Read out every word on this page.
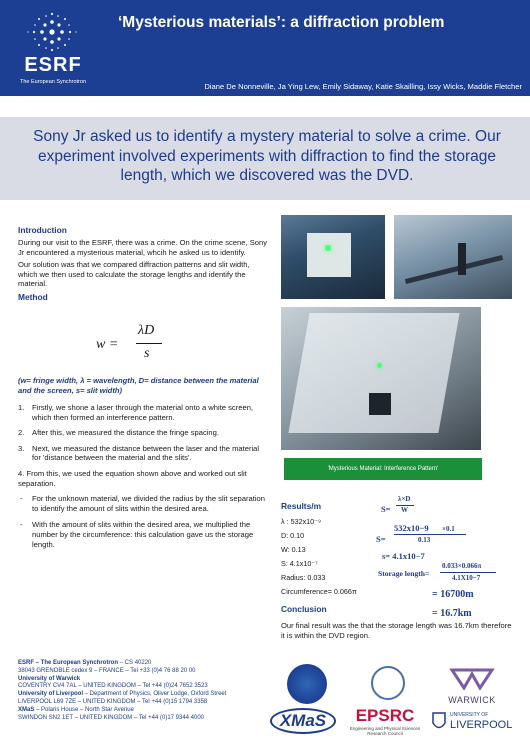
ESRF
The European Synchrotron
‘Mysterious materials’: a diffraction problem
Diane De Nonneville, Ja Ying Lew, Emily Sidaway, Katie Skailling, Issy Wicks, Maddie Fletcher
Sony Jr asked us to identify a mystery material to solve a crime. Our experiment involved experiments with diffraction to find the storage length, which we discovered was the DVD.
Introduction
During our visit to the ESRF, there was a crime. On the crime scene, Sony Jr encountered a mysterious material, whcih he asked us to identify.
Our solution was that we compared diffraction patterns and slit width, which we then used to calculate the storage lengths and identify the material.
Method
w =
λD
s
(w= fringe width, λ = wavelength, D= distance between the material and the screen, s= slit width)
1. Firstly, we shone a laser through the material onto a white screen, which then formed an interference pattern.
2. After this, we measured the distance the fringe spacing.
3. Next, we measured the distance between the laser and the material for 'distance between the material and the slits'.
4. From this, we used the equation shown above and worked out slit separation.
- For the unknown material, we divided the radius by the slit separation to identify the amount of slits within the desired area.
- With the amount of slits within the desired area, we multiplied the number by the circumference: this calculation gave us the storage length.
'Mysterious Material: Interference Pattern'
Results/m
λ : 532x10⁻⁹
D: 0.10
W: 0.13
S: 4.1x10⁻⁷
Radius: 0.033
Circumference= 0.066π
S=
λ×D
W
S=
532x10−9 ×0.1
0.13
s= 4.1x10−7
Storage length=
0.033×0.066π
4.1X10−7
= 16700m
= 16.7km
Conclusion
Our final result was the that the storage length was 16.7km therefore it is within the DVD region.
ESRF – The European Synchrotron – CS 40220
38043 GRENOBLE cedex 9 – FRANCE – Tel +33 (0)4 76 88 20 00
University of Warwick
COVENTRY CV4 7AL – UNITED KINGDOM – Tel +44 (0)24 7652 3523
University of Liverpool – Department of Physics, Oliver Lodge, Oxford Street
LIVERPOOL L69 7ZE – UNITED KINGDOM – Tel +44 (0)15 1794 3358
XMaS – Polaris House – North Star Avenue
SWINDON SN2 1ET – UNITED KINGDOM – Tel +44 (0)17 9344 4000
WARWICK
XMaS	EPSRC
Engineering and Physical Sciences Research Council
UNIVERSITY OF
LIVERPOOL
